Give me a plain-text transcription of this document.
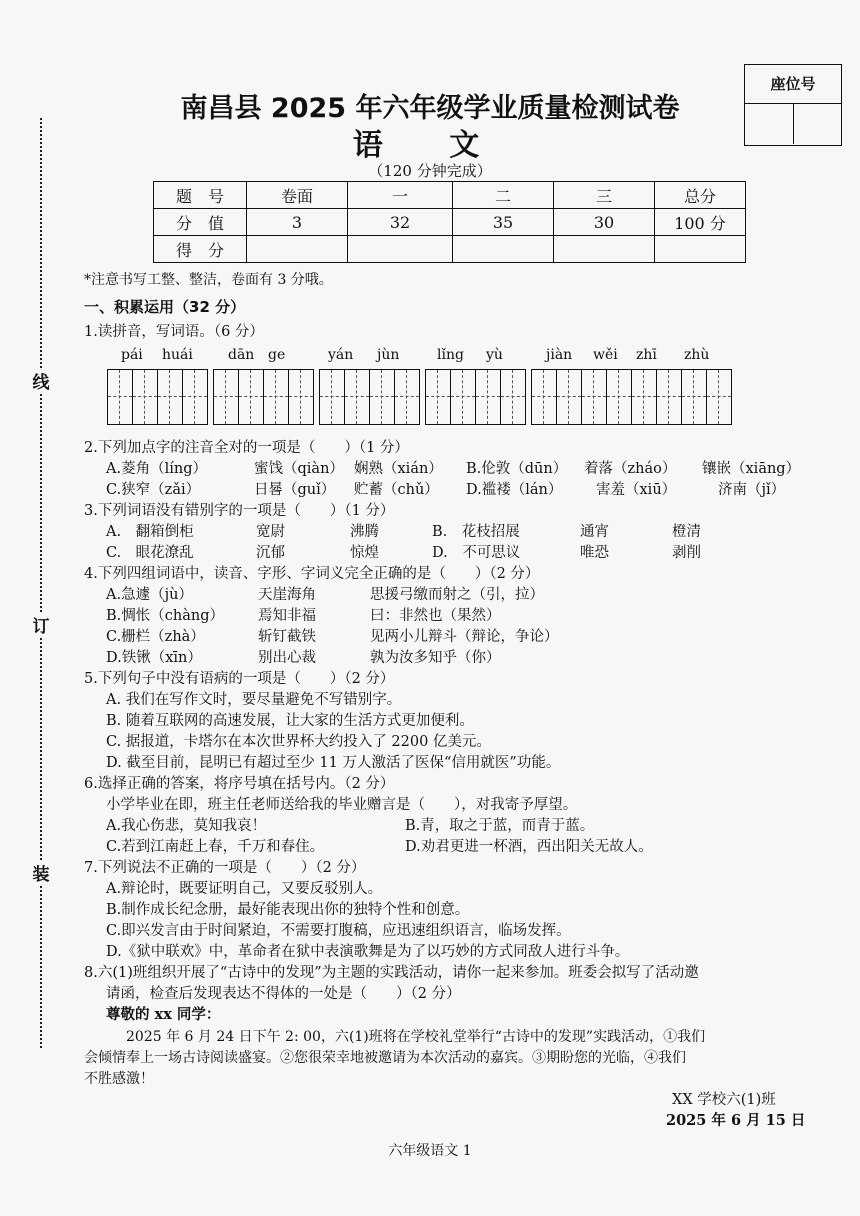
座位号
南昌县 2025 年六年级学业质量检测试卷
语 文
（120 分钟完成）
题　号	卷面	一	二	三	总分
分　值	3	32	35	30	100 分
得　分					
线
订
装
*注意书写工整、整洁，卷面有 3 分哦。
一、积累运用（32 分）
1.读拼音，写词语。（6 分）
pái huái	dān ge	yán jùn	lǐng yù	jiàn wěi zhī zhù
2.下列加点字的注音全对的一项是（　　）（1 分）
A.菱角（líng）	蜜饯（qiàn） 娴熟（xián） B.伦敦（dūn） 着落（zháo） 镶嵌（xiāng）
C.狭窄（zǎi）	日晷（guǐ） 贮蓄（chǔ） D.褴褛（lán） 害羞（xiū）	济南（jǐ）
3.下列词语没有错别字的一项是（　　）（1 分）
A.　翻箱倒柜	宽尉	沸腾	B.　花枝招展	通宵	橙清
C.　眼花潦乱	沉郁	惊煌	D.　不可思议	唯恐	剥削
4.下列四组词语中，读音、字形、字词义完全正确的是（　　）（2 分）
A.急遽（jù）	天崖海角	思援弓缴而射之（引，拉）
B.惆怅（chàng） 焉知非福	曰：非然也（果然）
C.栅栏（zhà）	斩钉截铁	见两小儿辩斗（辩论，争论）
D.铁锹（xīn）	别出心裁	孰为汝多知乎（你）
5.下列句子中没有语病的一项是（　　）（2 分）
A. 我们在写作文时，要尽量避免不写错别字。
B. 随着互联网的高速发展，让大家的生活方式更加便利。
C. 据报道，卡塔尔在本次世界杯大约投入了 2200 亿美元。
D. 截至目前，昆明已有超过至少 11 万人激活了医保“信用就医”功能。
6.选择正确的答案，将序号填在括号内。（2 分）
小学毕业在即，班主任老师送给我的毕业赠言是（　　），对我寄予厚望。
A.我心伤悲，莫知我哀！	B.青，取之于蓝，而青于蓝。
C.若到江南赶上春，千万和春住。	D.劝君更进一杯酒，西出阳关无故人。
7.下列说法不正确的一项是（　　）（2 分）
A.辩论时，既要证明自己，又要反驳别人。
B.制作成长纪念册，最好能表现出你的独特个性和创意。
C.即兴发言由于时间紧迫，不需要打腹稿，应迅速组织语言，临场发挥。
D.《狱中联欢》中，革命者在狱中表演歌舞是为了以巧妙的方式同敌人进行斗争。
8.六(1)班组织开展了“古诗中的发现”为主题的实践活动，请你一起来参加。班委会拟写了活动邀
请函，检查后发现表达不得体的一处是（　　）（2 分）
尊敬的 xx 同学：
2025 年 6 月 24 日下午 2: 00，六(1)班将在学校礼堂举行“古诗中的发现”实践活动，①我们
会倾情奉上一场古诗阅读盛宴。②您很荣幸地被邀请为本次活动的嘉宾。③期盼您的光临，④我们
不胜感激！
XX 学校六(1)班
2025 年 6 月 15 日
六年级语文 1
